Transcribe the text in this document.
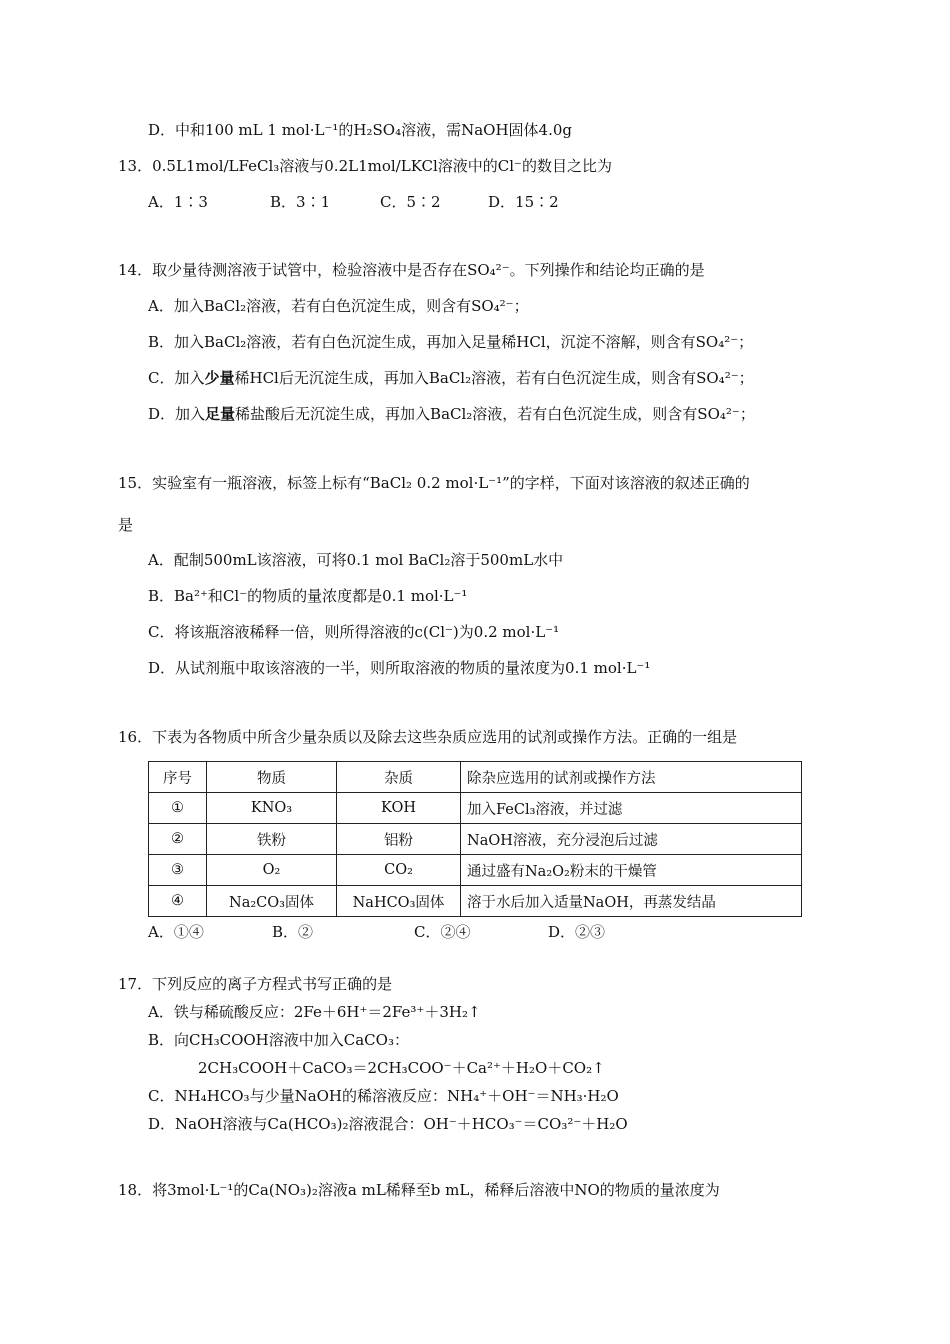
D．中和100 mL 1 mol·L⁻¹的H₂SO₄溶液，需NaOH固体4.0g
13．0.5L1mol/LFeCl₃溶液与0.2L1mol/LKCl溶液中的Cl⁻的数目之比为
A．1∶3	B．3∶1	C．5∶2	D．15∶2
14．取少量待测溶液于试管中，检验溶液中是否存在SO₄²⁻。下列操作和结论均正确的是
A．加入BaCl₂溶液，若有白色沉淀生成，则含有SO₄²⁻；
B．加入BaCl₂溶液，若有白色沉淀生成，再加入足量稀HCl，沉淀不溶解，则含有SO₄²⁻；
C．加入少量稀HCl后无沉淀生成，再加入BaCl₂溶液，若有白色沉淀生成，则含有SO₄²⁻；
D．加入足量稀盐酸后无沉淀生成，再加入BaCl₂溶液，若有白色沉淀生成，则含有SO₄²⁻；
15．实验室有一瓶溶液，标签上标有“BaCl₂ 0.2 mol·L⁻¹”的字样，下面对该溶液的叙述正确的
是
A．配制500mL该溶液，可将0.1 mol BaCl₂溶于500mL水中
B．Ba²⁺和Cl⁻的物质的量浓度都是0.1 mol·L⁻¹
C．将该瓶溶液稀释一倍，则所得溶液的c(Cl⁻)为0.2 mol·L⁻¹
D．从试剂瓶中取该溶液的一半，则所取溶液的物质的量浓度为0.1 mol·L⁻¹
16．下表为各物质中所含少量杂质以及除去这些杂质应选用的试剂或操作方法。正确的一组是
序号	物质	杂质	除杂应选用的试剂或操作方法
①	KNO₃	KOH	加入FeCl₃溶液，并过滤
②	铁粉	铝粉	NaOH溶液，充分浸泡后过滤
③	O₂	CO₂	通过盛有Na₂O₂粉末的干燥管
④	Na₂CO₃固体	NaHCO₃固体	溶于水后加入适量NaOH，再蒸发结晶
A．①④	B．②	C．②④	D．②③
17．下列反应的离子方程式书写正确的是
A．铁与稀硫酸反应：2Fe＋6H⁺＝2Fe³⁺＋3H₂↑
B．向CH₃COOH溶液中加入CaCO₃：
2CH₃COOH＋CaCO₃＝2CH₃COO⁻＋Ca²⁺＋H₂O＋CO₂↑
C．NH₄HCO₃与少量NaOH的稀溶液反应：NH₄⁺＋OH⁻＝NH₃·H₂O
D．NaOH溶液与Ca(HCO₃)₂溶液混合：OH⁻＋HCO₃⁻＝CO₃²⁻＋H₂O
18．将3mol·L⁻¹的Ca(NO₃)₂溶液a mL稀释至b mL，稀释后溶液中NO的物质的量浓度为
